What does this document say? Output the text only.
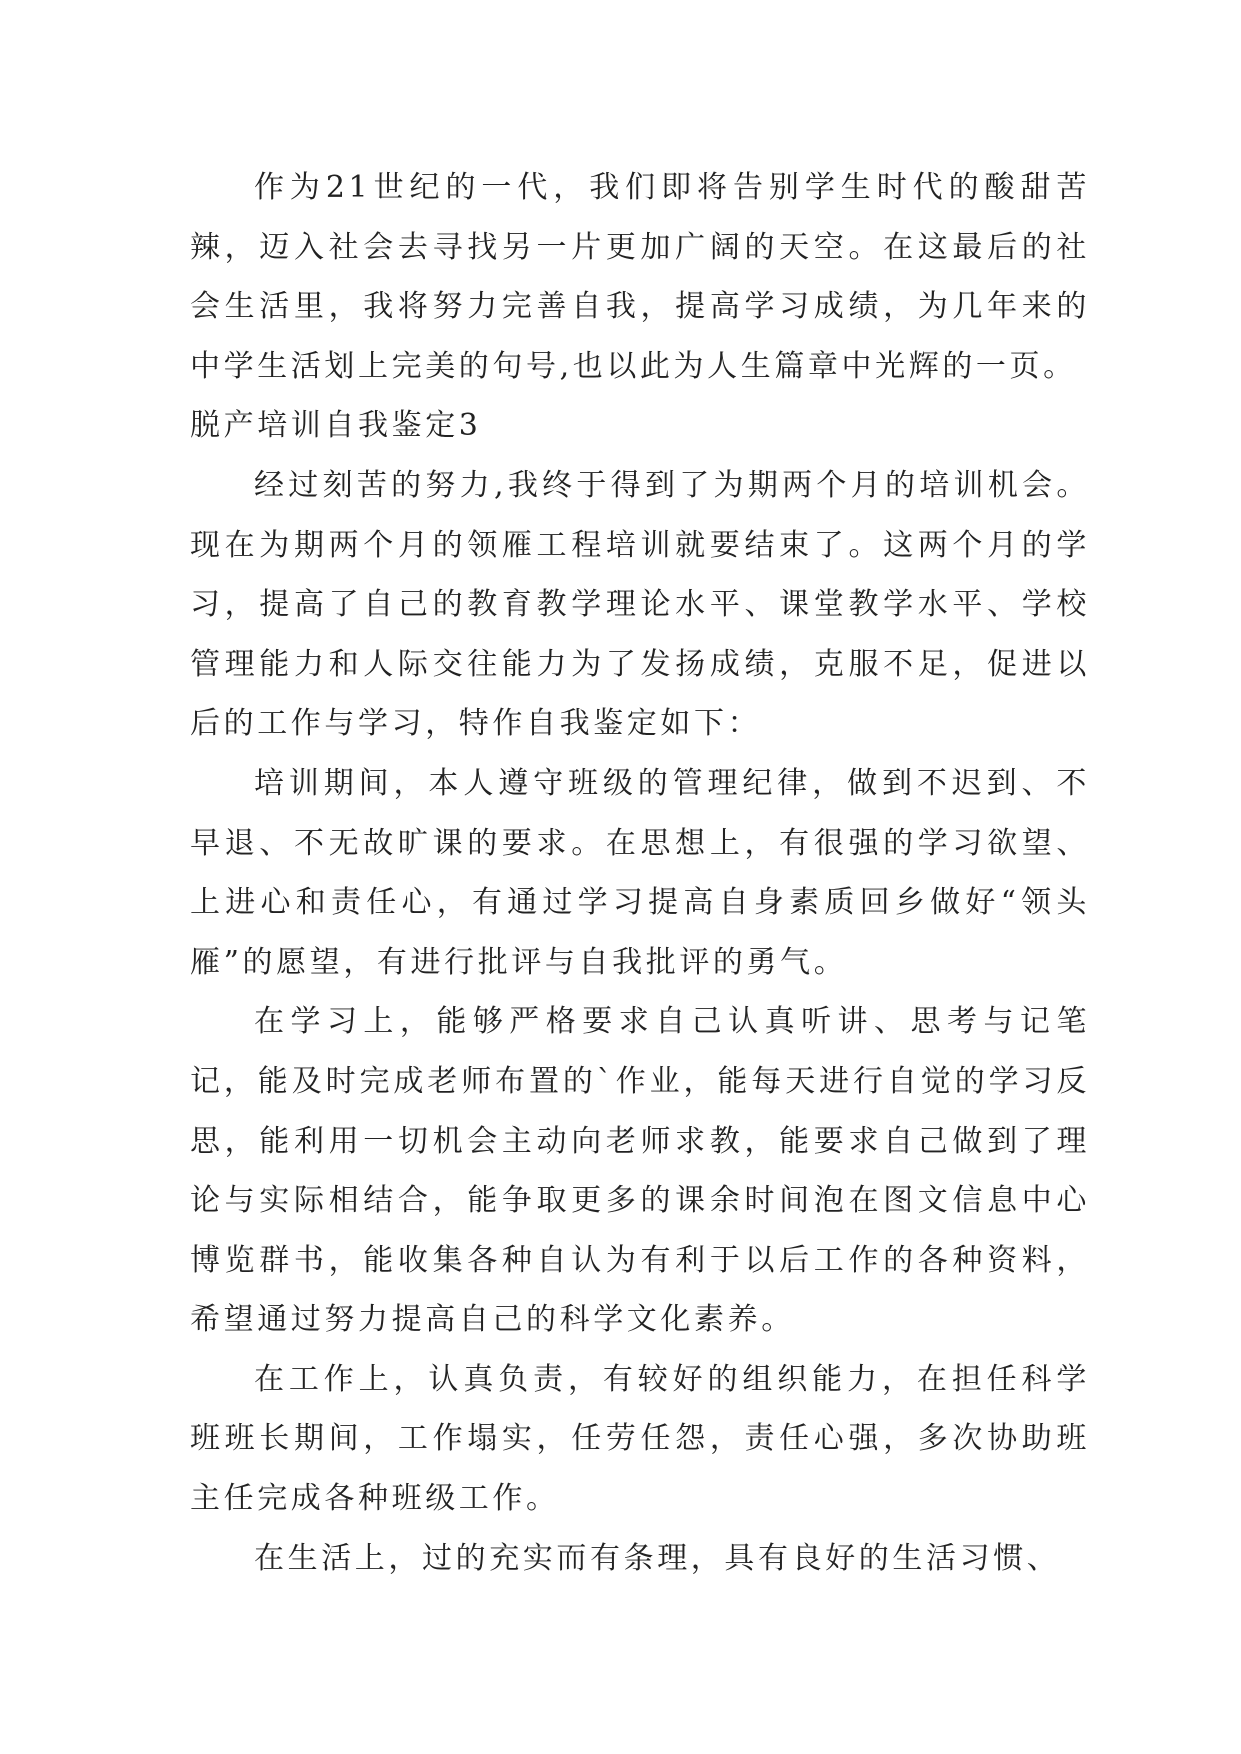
作为21世纪的一代，我们即将告别学生时代的酸甜苦辣，迈入社会去寻找另一片更加广阔的天空。在这最后的社会生活里，我将努力完善自我，提高学习成绩，为几年来的中学生活划上完美的句号,也以此为人生篇章中光辉的一页。

脱产培训自我鉴定3

经过刻苦的努力,我终于得到了为期两个月的培训机会。现在为期两个月的领雁工程培训就要结束了。这两个月的学习，提高了自己的教育教学理论水平、课堂教学水平、学校管理能力和人际交往能力为了发扬成绩，克服不足，促进以后的工作与学习，特作自我鉴定如下：

培训期间，本人遵守班级的管理纪律，做到不迟到、不早退、不无故旷课的要求。在思想上，有很强的学习欲望、上进心和责任心，有通过学习提高自身素质回乡做好“领头雁”的愿望，有进行批评与自我批评的勇气。

在学习上，能够严格要求自己认真听讲、思考与记笔记，能及时完成老师布置的`作业，能每天进行自觉的学习反思，能利用一切机会主动向老师求教，能要求自己做到了理论与实际相结合，能争取更多的课余时间泡在图文信息中心博览群书，能收集各种自认为有利于以后工作的各种资料，希望通过努力提高自己的科学文化素养。

在工作上，认真负责，有较好的组织能力，在担任科学班班长期间，工作塌实，任劳任怨，责任心强，多次协助班主任完成各种班级工作。

在生活上，过的充实而有条理，具有良好的生活习惯、
